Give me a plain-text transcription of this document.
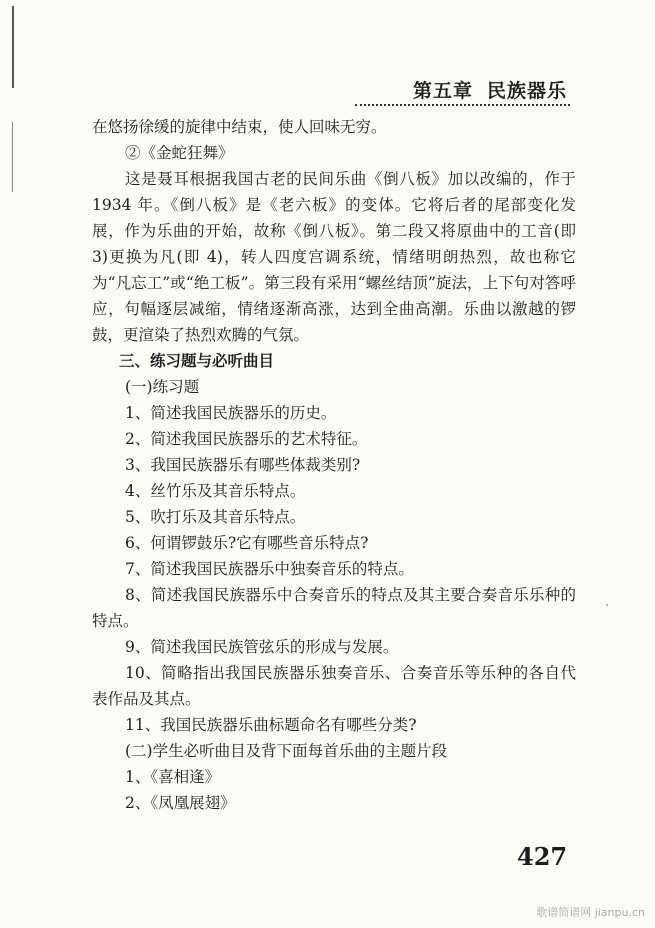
第五章 民族器乐

在悠扬徐缓的旋律中结束，使人回味无穷。

②《金蛇狂舞》

这是聂耳根据我国古老的民间乐曲《倒八板》加以改编的，作于 1934 年。《倒八板》是《老六板》的变体。它将后者的尾部变化发展，作为乐曲的开始，故称《倒八板》。第二段又将原曲中的工音(即 3)更换为凡(即 4)，转人四度宫调系统，情绪明朗热烈，故也称它为“凡忘工”或“绝工板”。第三段有采用“螺丝结顶”旋法，上下句对答呼应，句幅逐层减缩，情绪逐渐高涨，达到全曲高潮。乐曲以激越的锣鼓，更渲染了热烈欢腾的气氛。

三、练习题与必听曲目

(一)练习题

1、简述我国民族器乐的历史。

2、简述我国民族器乐的艺术特征。

3、我国民族器乐有哪些体裁类别?

4、丝竹乐及其音乐特点。

5、吹打乐及其音乐特点。

6、何谓锣鼓乐?它有哪些音乐特点?

7、简述我国民族器乐中独奏音乐的特点。

8、简述我国民族器乐中合奏音乐的特点及其主要合奏音乐乐种的特点。

9、简述我国民族管弦乐的形成与发展。

10、简略指出我国民族器乐独奏音乐、合奏音乐等乐种的各自代表作品及其点。

11、我国民族器乐曲标题命名有哪些分类?

(二)学生必听曲目及背下面每首乐曲的主题片段

1、《喜相逢》

2、《凤凰展翅》

427
歌谱简谱网 jianpu.cn
